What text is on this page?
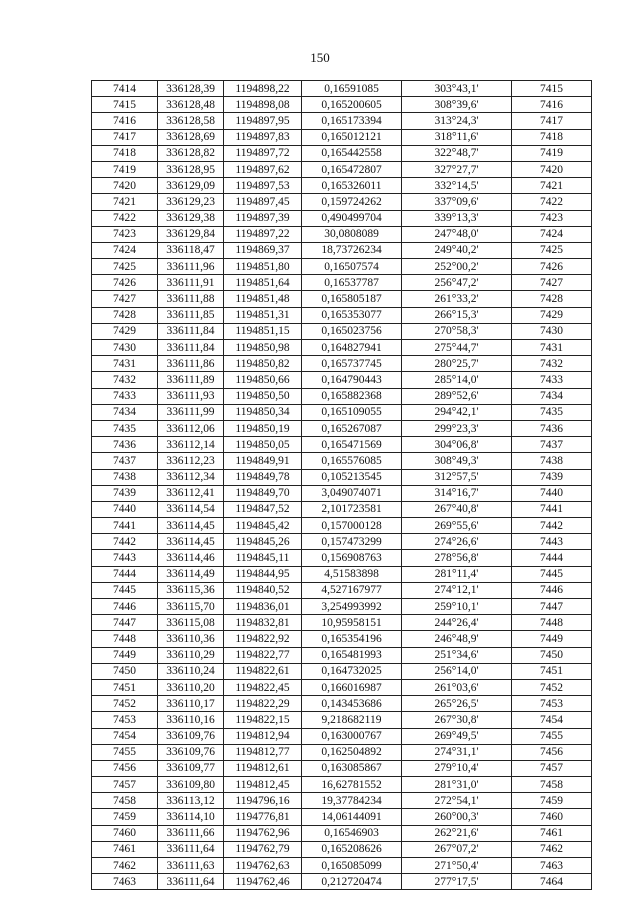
150
7414	336128,39	1194898,22	0,16591085	303°43,1'	7415
7415	336128,48	1194898,08	0,165200605	308°39,6'	7416
7416	336128,58	1194897,95	0,165173394	313°24,3'	7417
7417	336128,69	1194897,83	0,165012121	318°11,6'	7418
7418	336128,82	1194897,72	0,165442558	322°48,7'	7419
7419	336128,95	1194897,62	0,165472807	327°27,7'	7420
7420	336129,09	1194897,53	0,165326011	332°14,5'	7421
7421	336129,23	1194897,45	0,159724262	337°09,6'	7422
7422	336129,38	1194897,39	0,490499704	339°13,3'	7423
7423	336129,84	1194897,22	30,0808089	247°48,0'	7424
7424	336118,47	1194869,37	18,73726234	249°40,2'	7425
7425	336111,96	1194851,80	0,16507574	252°00,2'	7426
7426	336111,91	1194851,64	0,16537787	256°47,2'	7427
7427	336111,88	1194851,48	0,165805187	261°33,2'	7428
7428	336111,85	1194851,31	0,165353077	266°15,3'	7429
7429	336111,84	1194851,15	0,165023756	270°58,3'	7430
7430	336111,84	1194850,98	0,164827941	275°44,7'	7431
7431	336111,86	1194850,82	0,165737745	280°25,7'	7432
7432	336111,89	1194850,66	0,164790443	285°14,0'	7433
7433	336111,93	1194850,50	0,165882368	289°52,6'	7434
7434	336111,99	1194850,34	0,165109055	294°42,1'	7435
7435	336112,06	1194850,19	0,165267087	299°23,3'	7436
7436	336112,14	1194850,05	0,165471569	304°06,8'	7437
7437	336112,23	1194849,91	0,165576085	308°49,3'	7438
7438	336112,34	1194849,78	0,105213545	312°57,5'	7439
7439	336112,41	1194849,70	3,049074071	314°16,7'	7440
7440	336114,54	1194847,52	2,101723581	267°40,8'	7441
7441	336114,45	1194845,42	0,157000128	269°55,6'	7442
7442	336114,45	1194845,26	0,157473299	274°26,6'	7443
7443	336114,46	1194845,11	0,156908763	278°56,8'	7444
7444	336114,49	1194844,95	4,51583898	281°11,4'	7445
7445	336115,36	1194840,52	4,527167977	274°12,1'	7446
7446	336115,70	1194836,01	3,254993992	259°10,1'	7447
7447	336115,08	1194832,81	10,95958151	244°26,4'	7448
7448	336110,36	1194822,92	0,165354196	246°48,9'	7449
7449	336110,29	1194822,77	0,165481993	251°34,6'	7450
7450	336110,24	1194822,61	0,164732025	256°14,0'	7451
7451	336110,20	1194822,45	0,166016987	261°03,6'	7452
7452	336110,17	1194822,29	0,143453686	265°26,5'	7453
7453	336110,16	1194822,15	9,218682119	267°30,8'	7454
7454	336109,76	1194812,94	0,163000767	269°49,5'	7455
7455	336109,76	1194812,77	0,162504892	274°31,1'	7456
7456	336109,77	1194812,61	0,163085867	279°10,4'	7457
7457	336109,80	1194812,45	16,62781552	281°31,0'	7458
7458	336113,12	1194796,16	19,37784234	272°54,1'	7459
7459	336114,10	1194776,81	14,06144091	260°00,3'	7460
7460	336111,66	1194762,96	0,16546903	262°21,6'	7461
7461	336111,64	1194762,79	0,165208626	267°07,2'	7462
7462	336111,63	1194762,63	0,165085099	271°50,4'	7463
7463	336111,64	1194762,46	0,212720474	277°17,5'	7464
